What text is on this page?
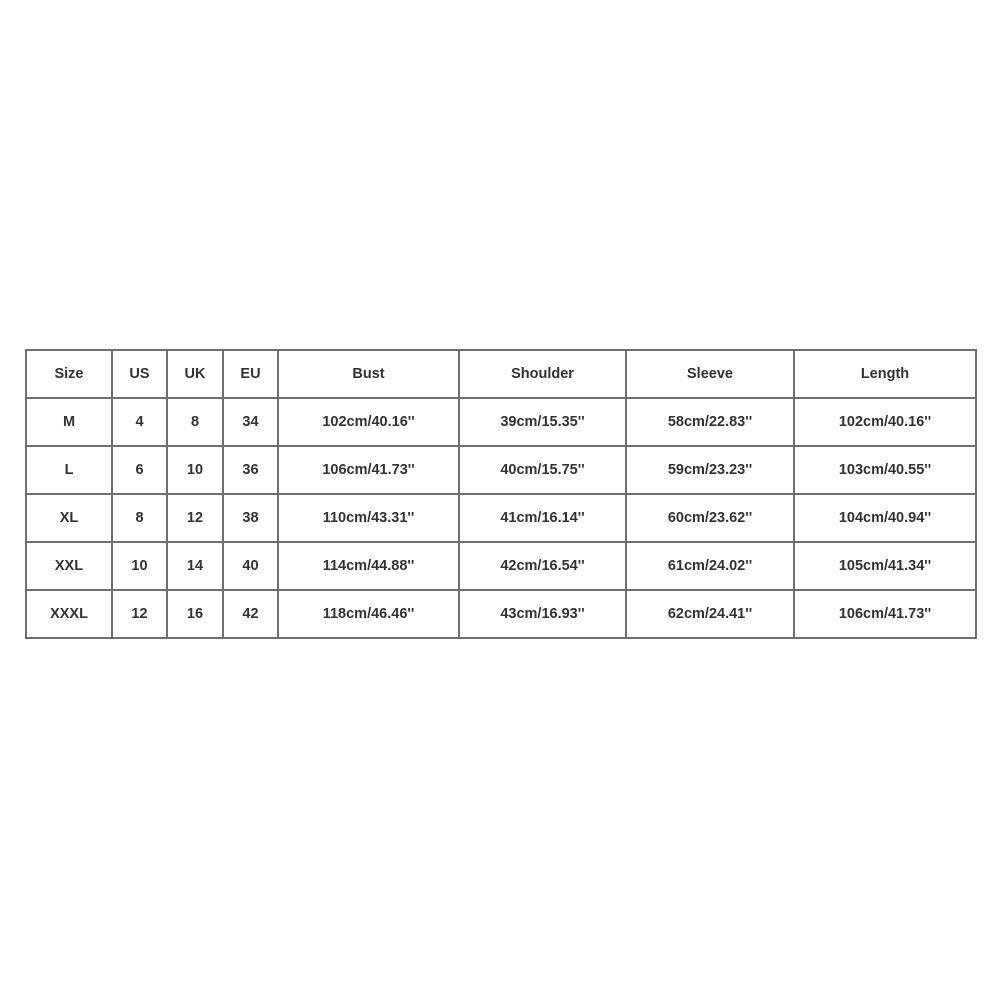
Size	US	UK	EU	Bust	Shoulder	Sleeve	Length
M	4	8	34	102cm/40.16''	39cm/15.35''	58cm/22.83''	102cm/40.16''
L	6	10	36	106cm/41.73''	40cm/15.75''	59cm/23.23''	103cm/40.55''
XL	8	12	38	110cm/43.31''	41cm/16.14''	60cm/23.62''	104cm/40.94''
XXL	10	14	40	114cm/44.88''	42cm/16.54''	61cm/24.02''	105cm/41.34''
XXXL	12	16	42	118cm/46.46''	43cm/16.93''	62cm/24.41''	106cm/41.73''
